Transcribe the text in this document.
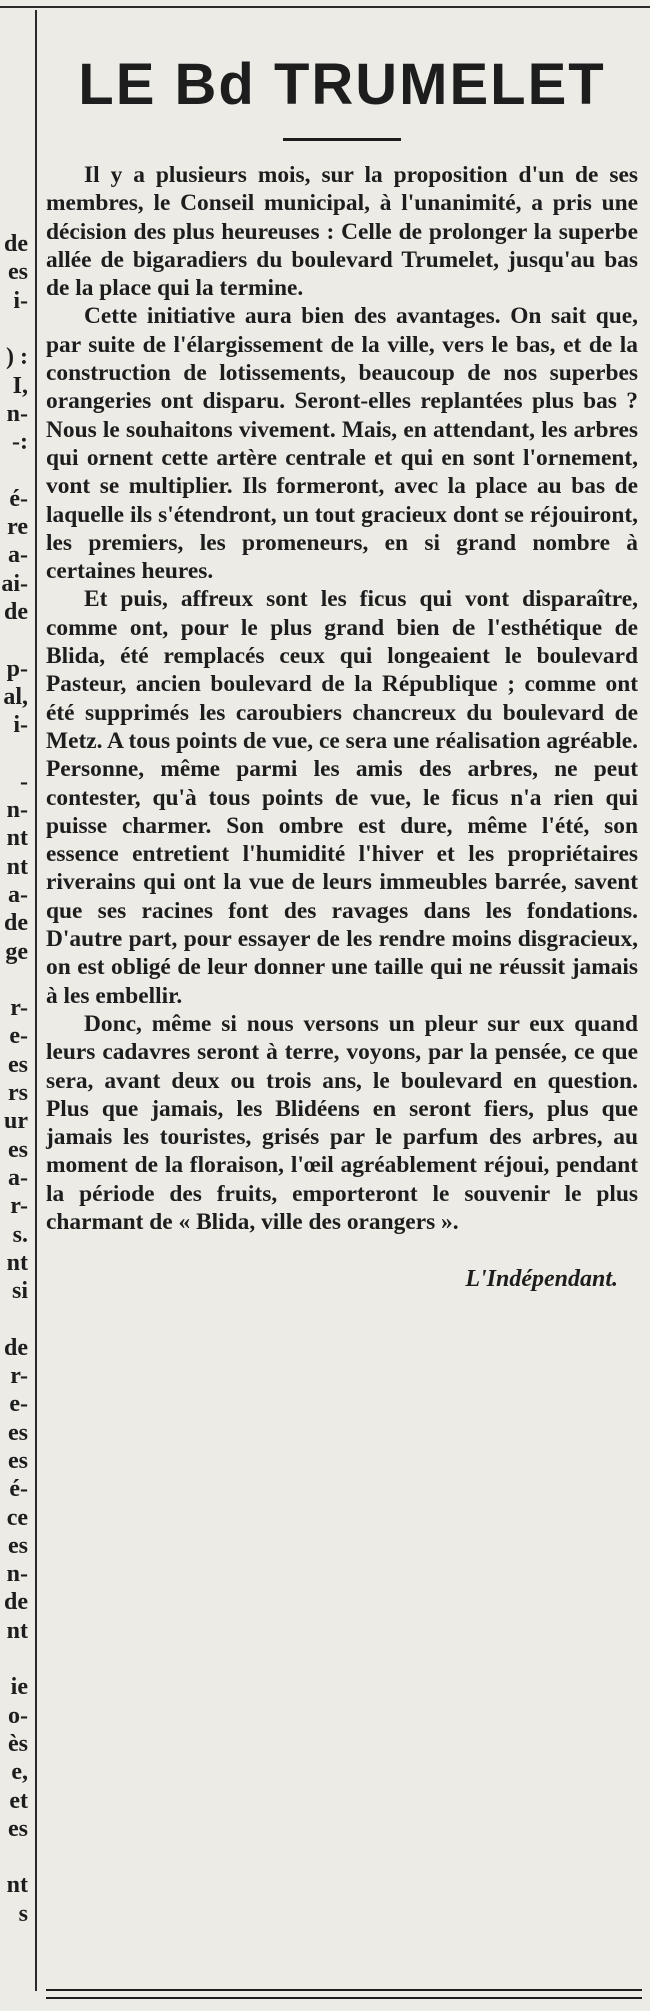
de
es
i-
) :
I,
n-
-:
é-
re
a-
ai-
de
p-
al,
i-
-
n-
nt
nt
a-
de
ge
r-
e-
es
rs
ur
es
a-
r-
s.
nt
si
de
r-
e-
es
es
é-
ce
es
n-
de
nt
ie
o-
ès
e,
et
es
nt
s
LE Bd TRUMELET

Il y a plusieurs mois, sur la proposition d'un de ses membres, le Conseil municipal, à l'unanimité, a pris une décision des plus heureuses : Celle de prolonger la superbe allée de bigaradiers du boulevard Trumelet, jusqu'au bas de la place qui la termine.

Cette initiative aura bien des avantages. On sait que, par suite de l'élargissement de la ville, vers le bas, et de la construction de lotissements, beaucoup de nos superbes orangeries ont disparu. Seront-elles replantées plus bas ? Nous le souhaitons vivement. Mais, en attendant, les arbres qui ornent cette artère centrale et qui en sont l'ornement, vont se multiplier. Ils formeront, avec la place au bas de laquelle ils s'étendront, un tout gracieux dont se réjouiront, les premiers, les promeneurs, en si grand nombre à certaines heures.

Et puis, affreux sont les ficus qui vont disparaître, comme ont, pour le plus grand bien de l'esthétique de Blida, été remplacés ceux qui longeaient le boulevard Pasteur, ancien boulevard de la République ; comme ont été supprimés les caroubiers chancreux du boulevard de Metz. A tous points de vue, ce sera une réalisation agréable. Personne, même parmi les amis des arbres, ne peut contester, qu'à tous points de vue, le ficus n'a rien qui puisse charmer. Son ombre est dure, même l'été, son essence entretient l'humidité l'hiver et les propriétaires riverains qui ont la vue de leurs immeubles barrée, savent que ses racines font des ravages dans les fondations. D'autre part, pour essayer de les rendre moins disgracieux, on est obligé de leur donner une taille qui ne réussit jamais à les embellir.

Donc, même si nous versons un pleur sur eux quand leurs cadavres seront à terre, voyons, par la pensée, ce que sera, avant deux ou trois ans, le boulevard en question. Plus que jamais, les Blidéens en seront fiers, plus que jamais les touristes, grisés par le parfum des arbres, au moment de la floraison, l'œil agréablement réjoui, pendant la période des fruits, emporteront le souvenir le plus charmant de « Blida, ville des orangers ».

L'Indépendant.
